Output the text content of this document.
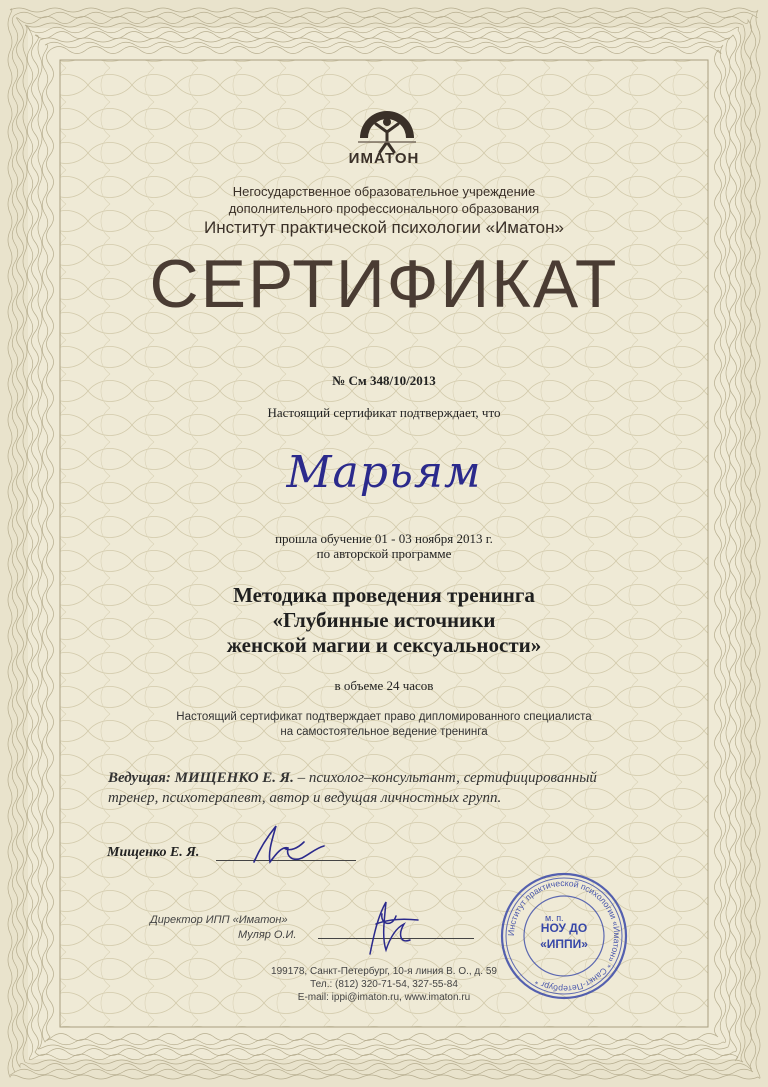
ИМАТОН
Негосударственное образовательное учреждение
дополнительного профессионального образования
Институт практической психологии «Иматон»
СЕРТИФИКАТ
№ См 348/10/2013
Настоящий сертификат подтверждает, что
Марьям
прошла обучение 01 - 03 ноября 2013 г.
по авторской программе
Методика проведения тренинга
«Глубинные источники
женской магии и сексуальности»
в объеме 24 часов
Настоящий сертификат подтверждает право дипломированного специалиста
на самостоятельное ведение тренинга
Ведущая: МИЩЕНКО Е. Я. – психолог–консультант, сертифицированный
тренер, психотерапевт, автор и ведущая личностных групп.
Мищенко Е. Я.
Директор ИПП «Иматон»
Муляр О.И.	Институт практической психологии «Иматон» * Санкт-Петербург *
НОУ ДО
«ИППИ»
м. п.
199178, Санкт-Петербург, 10-я линия В. О., д. 59
Тел.: (812) 320-71-54, 327-55-84
E-mail: ippi@imaton.ru, www.imaton.ru
